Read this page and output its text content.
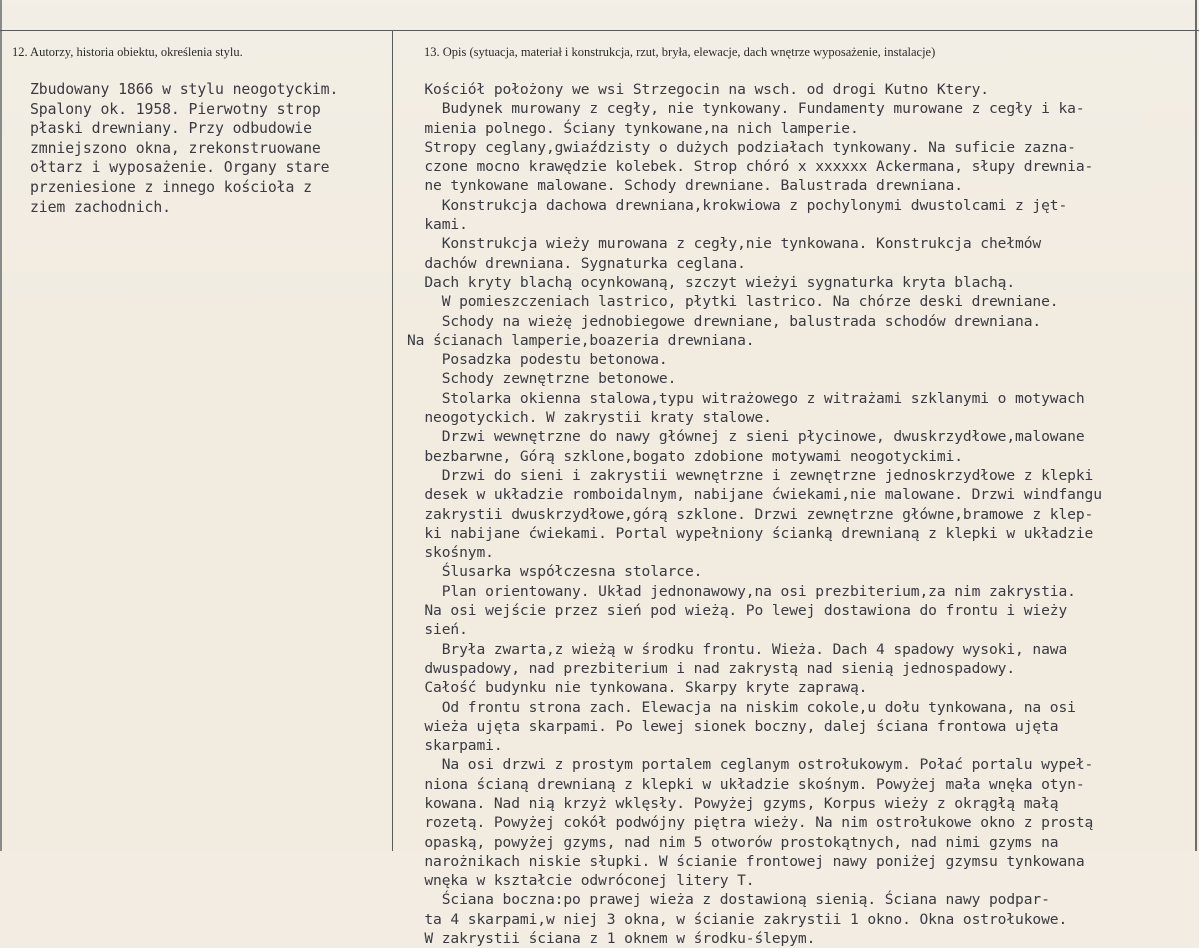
12. Autorzy, historia obiektu, określenia stylu.	13. Opis (sytuacja, materiał i konstrukcja, rzut, bryła, elewacje, dach wnętrze wyposażenie, instalacje)
Zbudowany 1866 w stylu neogotyckim.
Spalony ok. 1958. Pierwotny strop
płaski drewniany. Przy odbudowie
zmniejszono okna, zrekonstruowane
ołtarz i wyposażenie. Organy stare
przeniesione z innego kościoła z
ziem zachodnich.
Kościół położony we wsi Strzegocin na wsch. od drogi Kutno Ktery.
Budynek murowany z cegły, nie tynkowany. Fundamenty murowane z cegły i ka-
mienia polnego. Ściany tynkowane,na nich lamperie.
Stropy ceglany,gwiaździsty o dużych podziałach tynkowany. Na suficie zaznа-
czone mocno krawędzie kolebek. Strop chóró x xxxxxx Ackermana, słupy drewnia-
ne tynkowane malowane. Schody drewniane. Balustrada drewniana.
Konstrukcja dachowa drewniana,krokwiowa z pochylonymi dwustolcami z jęt-
kami.
Konstrukcja wieży murowana z cegły,nie tynkowana. Konstrukcja chełmów
dachów drewniana. Sygnaturka ceglana.
Dach kryty blachą ocynkowaną, szczyt wieżyi sygnaturka kryta blachą.
W pomieszczeniach lastrico, płytki lastrico. Na chórze deski drewniane.
Schody na wieżę jednobiegowe drewniane, balustrada schodów drewniana.
Na ścianach lamperie,boazeria drewniana.
Posadzka podestu betonowa.
Schody zewnętrzne betonowe.
Stolarka okienna stalowa,typu witrażowego z witrażami szklanymi o motywach
neogotyckich. W zakrystii kraty stalowe.
Drzwi wewnętrzne do nawy głównej z sieni płycinowe, dwuskrzydłowe,malowane
bezbarwne, Górą szklone,bogato zdobione motywami neogotyckimi.
Drzwi do sieni i zakrystii wewnętrzne i zewnętrzne jednoskrzydłowe z klepki
desek w układzie romboidalnym, nabijane ćwiekami,nie malowane. Drzwi windfangu
zakrystii dwuskrzydłowe,górą szklone. Drzwi zewnętrzne główne,bramowe z klep-
ki nabijane ćwiekami. Portal wypełniony ścianką drewnianą z klepki w układzie
skośnym.
Ślusarka współczesna stolarce.
Plan orientowany. Układ jednonawowy,na osi prezbiterium,za nim zakrystia.
Na osi wejście przez sień pod wieżą. Po lewej dostawiona do frontu i wieży
sień.
Bryła zwarta,z wieżą w środku frontu. Wieża. Dach 4 spadowy wysoki, nawa
dwuspadowy, nad prezbiterium i nad zakrystą nad sienią jednospadowy.
Całość budynku nie tynkowana. Skarpy kryte zaprawą.
Od frontu strona zach. Elewacja na niskim cokole,u dołu tynkowana, na osi
wieża ujęta skarpami. Po lewej sionek boczny, dalej ściana frontowa ujęta
skarpami.
Na osi drzwi z prostym portalem ceglanym ostrołukowym. Połać portalu wypeł-
niona ścianą drewnianą z klepki w układzie skośnym. Powyżej mała wnęka otyn-
kowana. Nad nią krzyż wklęsły. Powyżej gzyms, Korpus wieży z okrągłą małą
rozetą. Powyżej cokół podwójny piętra wieży. Na nim ostrołukowe okno z prostą
opaską, powyżej gzyms, nad nim 5 otworów prostokątnych, nad nimi gzyms na
narożnikach niskie słupki. W ścianie frontowej nawy poniżej gzymsu tynkowana
wnęka w kształcie odwróconej litery T.
Ściana boczna:po prawej wieża z dostawioną sienią. Ściana nawy podpar-
ta 4 skarpami,w niej 3 okna, w ścianie zakrystii 1 okno. Okna ostrołukowe.
W zakrystii ściana z 1 oknem w środku-ślepym.
